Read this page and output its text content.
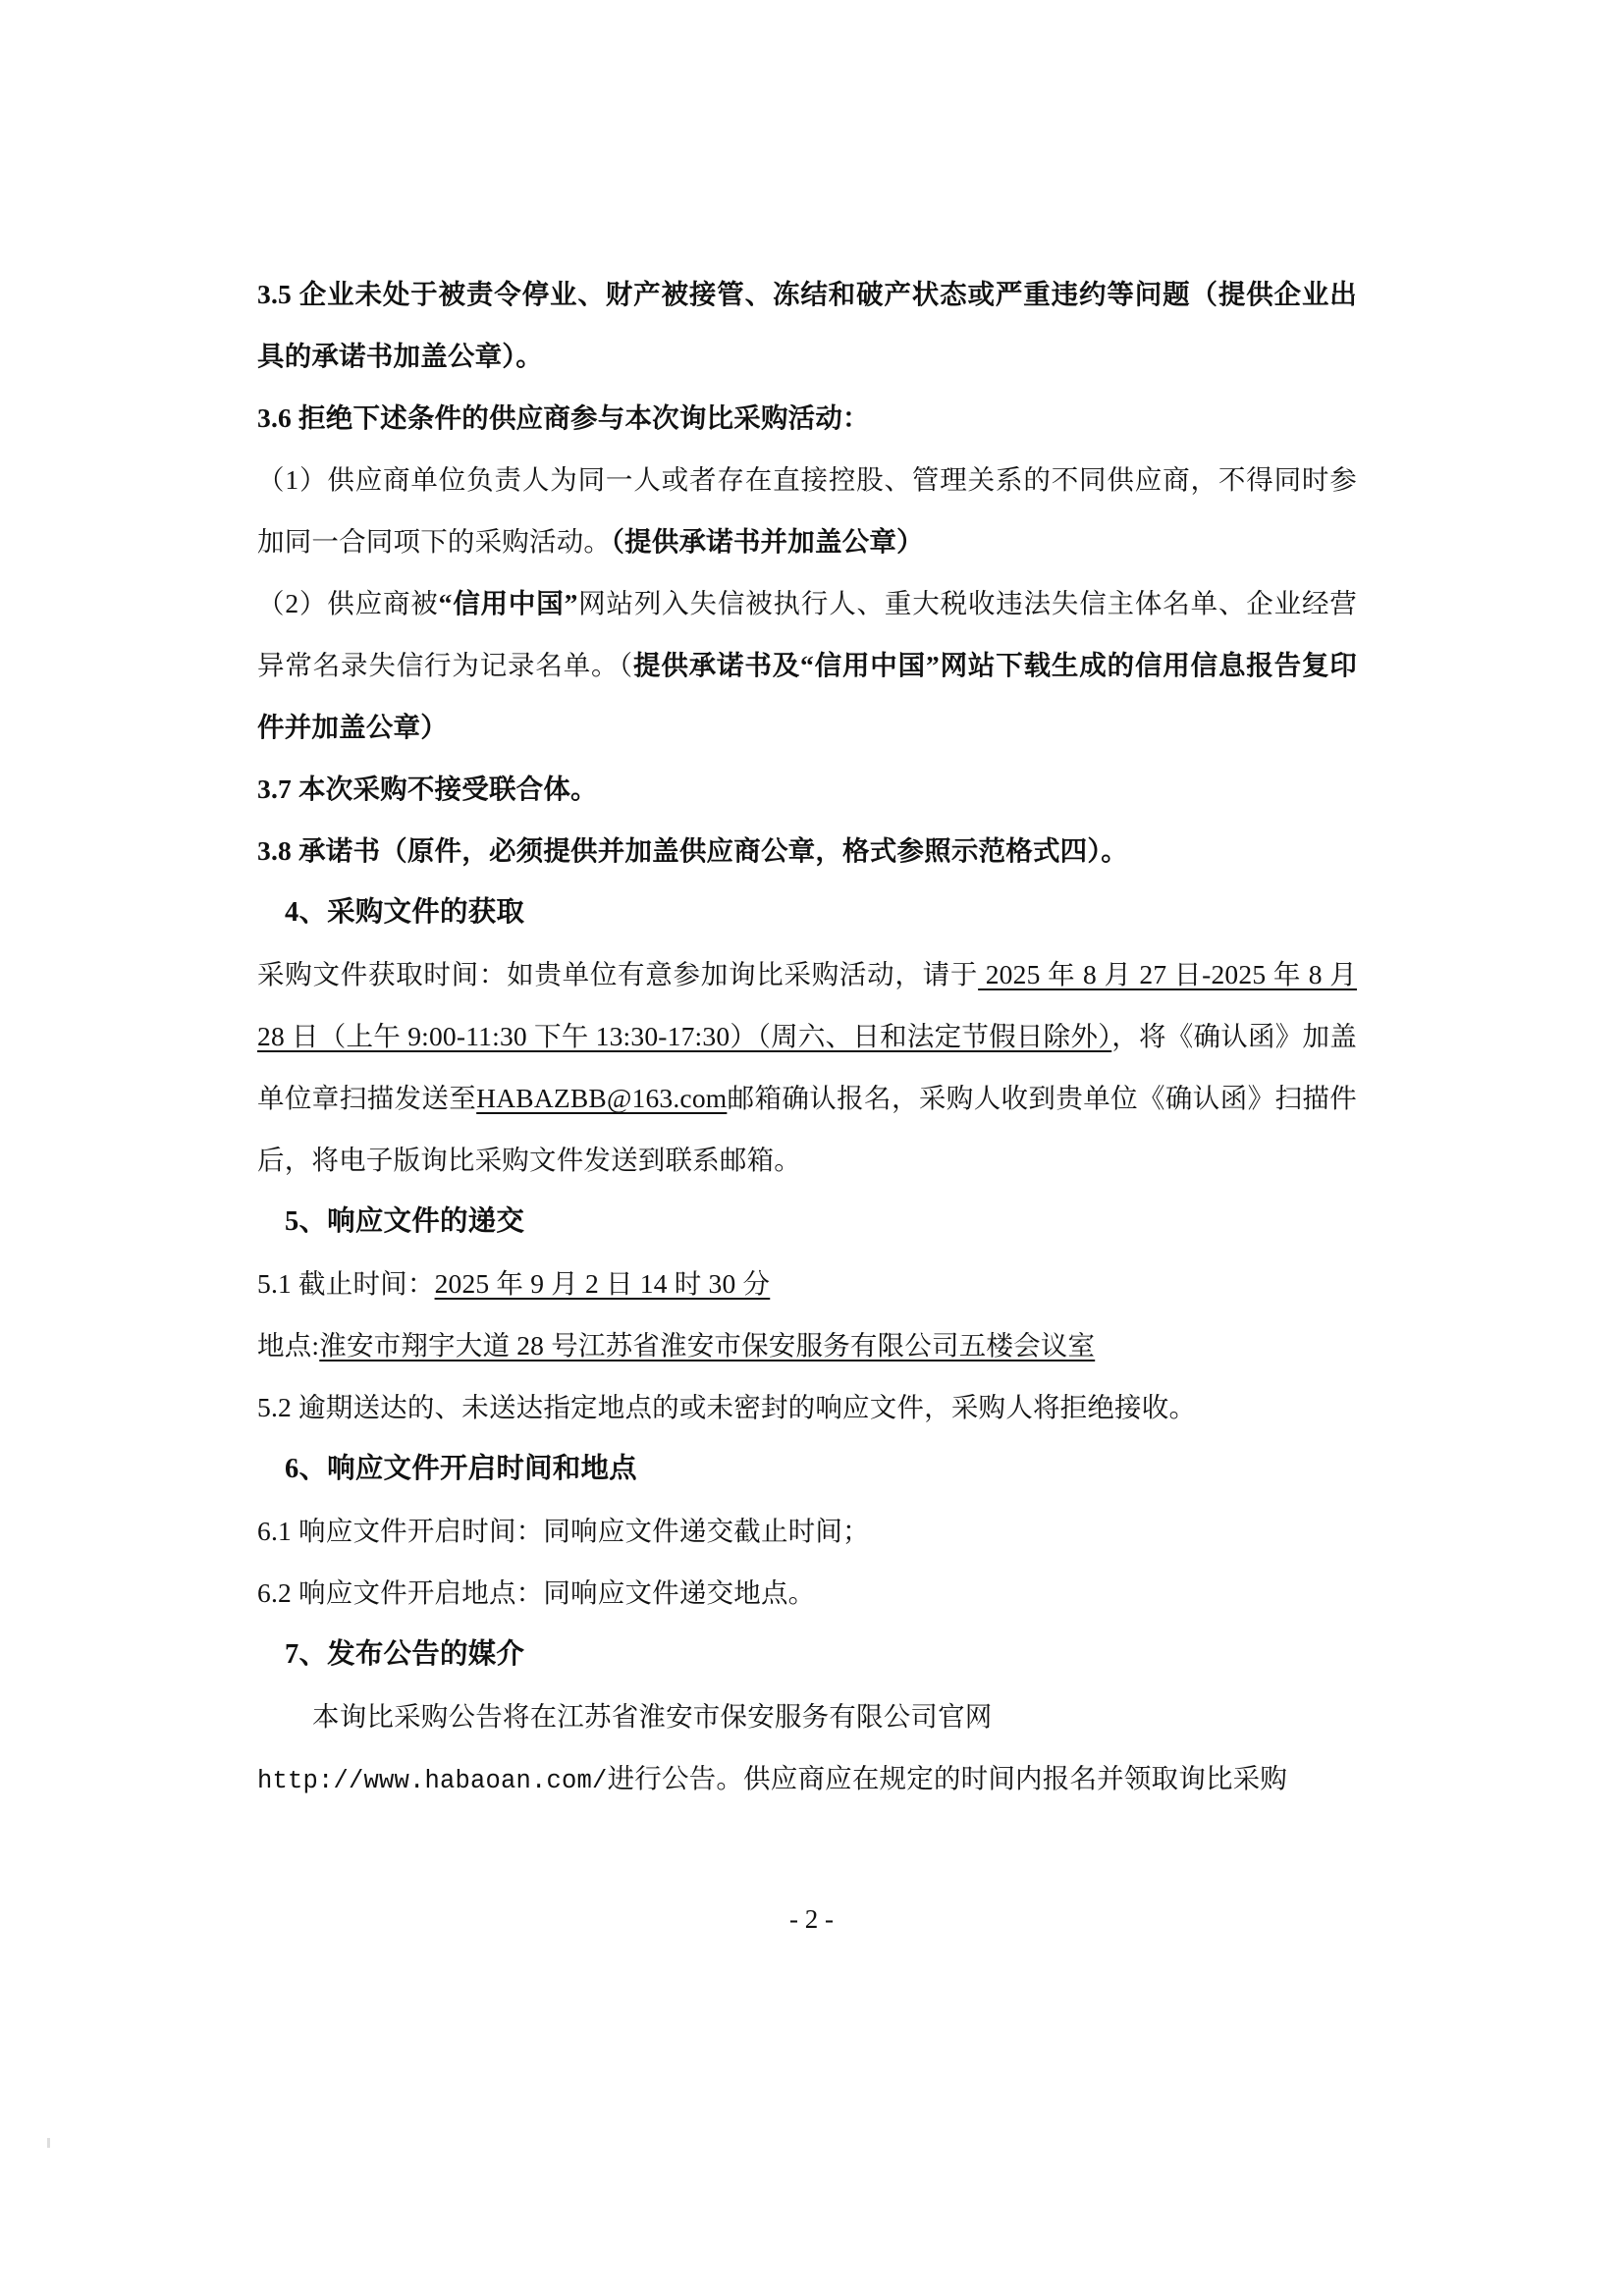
3.5 企业未处于被责令停业、财产被接管、冻结和破产状态或严重违约等问题（提供企业出具的承诺书加盖公章）。

3.6 拒绝下述条件的供应商参与本次询比采购活动：

（1）供应商单位负责人为同一人或者存在直接控股、管理关系的不同供应商，不得同时参加同一合同项下的采购活动。（提供承诺书并加盖公章）

（2）供应商被“信用中国”网站列入失信被执行人、重大税收违法失信主体名单、企业经营异常名录失信行为记录名单。（提供承诺书及“信用中国”网站下载生成的信用信息报告复印件并加盖公章）

3.7 本次采购不接受联合体。

3.8 承诺书（原件，必须提供并加盖供应商公章，格式参照示范格式四）。

4、采购文件的获取

采购文件获取时间：如贵单位有意参加询比采购活动，请于 2025 年 8 月 27 日-2025 年 8 月 28 日（上午 9:00-11:30 下午 13:30-17:30）（周六、日和法定节假日除外），将《确认函》加盖单位章扫描发送至HABAZBB@163.com邮箱确认报名，采购人收到贵单位《确认函》扫描件后，将电子版询比采购文件发送到联系邮箱。

5、响应文件的递交

5.1 截止时间：2025 年 9 月 2 日 14 时 30 分

地点:淮安市翔宇大道 28 号江苏省淮安市保安服务有限公司五楼会议室

5.2 逾期送达的、未送达指定地点的或未密封的响应文件，采购人将拒绝接收。

6、响应文件开启时间和地点

6.1 响应文件开启时间：同响应文件递交截止时间；

6.2 响应文件开启地点：同响应文件递交地点。

7、发布公告的媒介

本询比采购公告将在江苏省淮安市保安服务有限公司官网

http://www.habaoan.com/进行公告。供应商应在规定的时间内报名并领取询比采购

- 2 -
